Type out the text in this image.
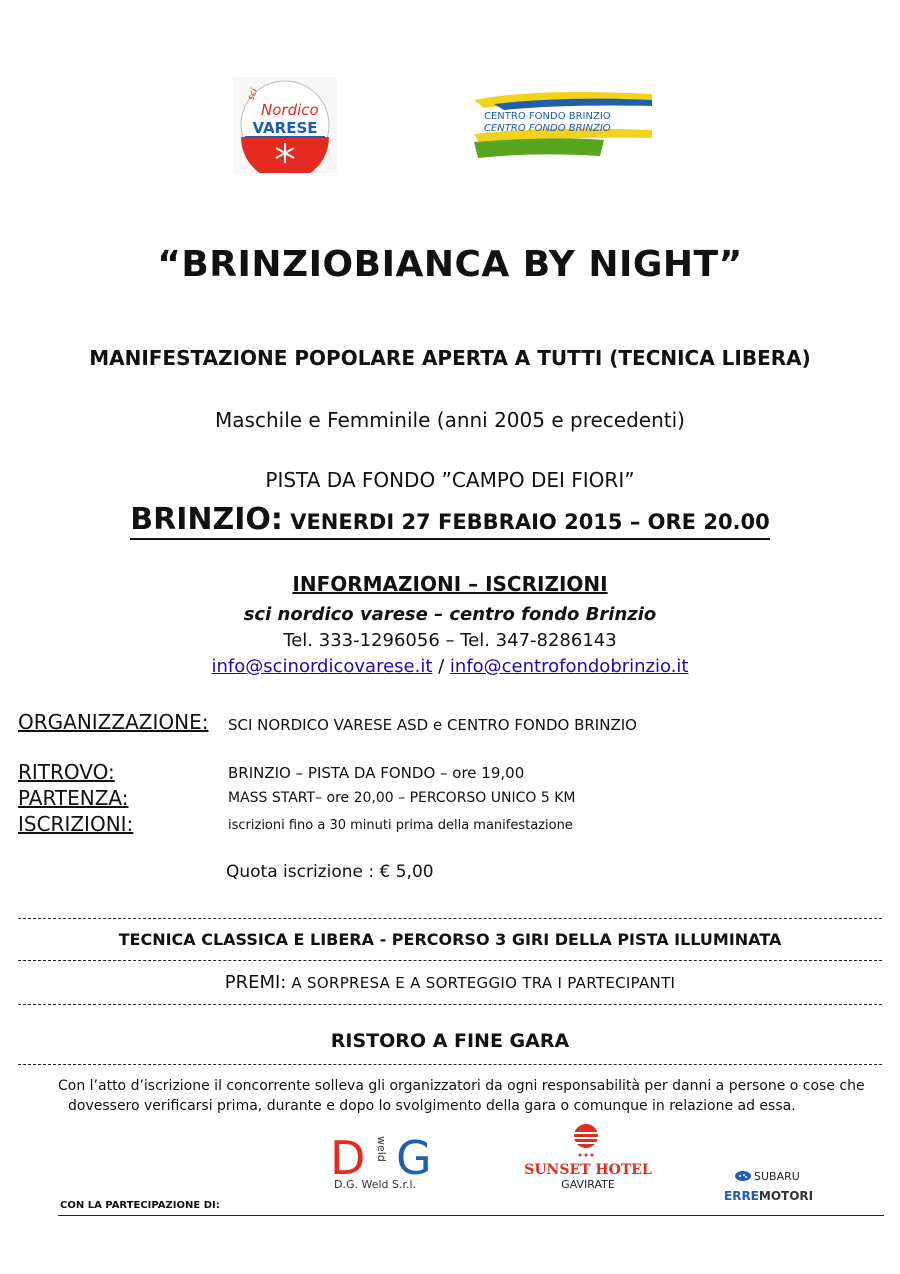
sci
Nordico
VARESE
CENTRO FONDO BRINZIO
CENTRO FONDO BRINZIO
“BRINZIOBIANCA BY NIGHT”
MANIFESTAZIONE POPOLARE APERTA A TUTTI (TECNICA LIBERA)
Maschile e Femminile (anni 2005 e precedenti)
PISTA DA FONDO ”CAMPO DEI FIORI”
BRINZIO: VENERDI 27 FEBBRAIO 2015 – ORE 20.00
INFORMAZIONI – ISCRIZIONI
sci nordico varese – centro fondo Brinzio
Tel. 333-1296056 – Tel. 347-8286143
info@scinordicovarese.it / info@centrofondobrinzio.it
ORGANIZZAZIONE: SCI NORDICO VARESE ASD e CENTRO FONDO BRINZIO
RITROVO:	BRINZIO – PISTA DA FONDO – ore 19,00
PARTENZA:	MASS START– ore 20,00 – PERCORSO UNICO 5 KM
ISCRIZIONI:	iscrizioni fino a 30 minuti prima della manifestazione
Quota iscrizione : € 5,00
TECNICA CLASSICA E LIBERA - PERCORSO 3 GIRI DELLA PISTA ILLUMINATA
PREMI: A SORPRESA E A SORTEGGIO TRA I PARTECIPANTI
RISTORO A FINE GARA
Con l’atto d’iscrizione il concorrente solleva gli organizzatori da ogni responsabilità per danni a persone o cose che
dovessero verificarsi prima, durante e dopo lo svolgimento della gara o comunque in relazione ad essa.
D G
weld
D.G. Weld S.r.l.
SUNSET HOTEL
GAVIRATE
SUBARU
ERREMOTORI
CON LA PARTECIPAZIONE DI:
